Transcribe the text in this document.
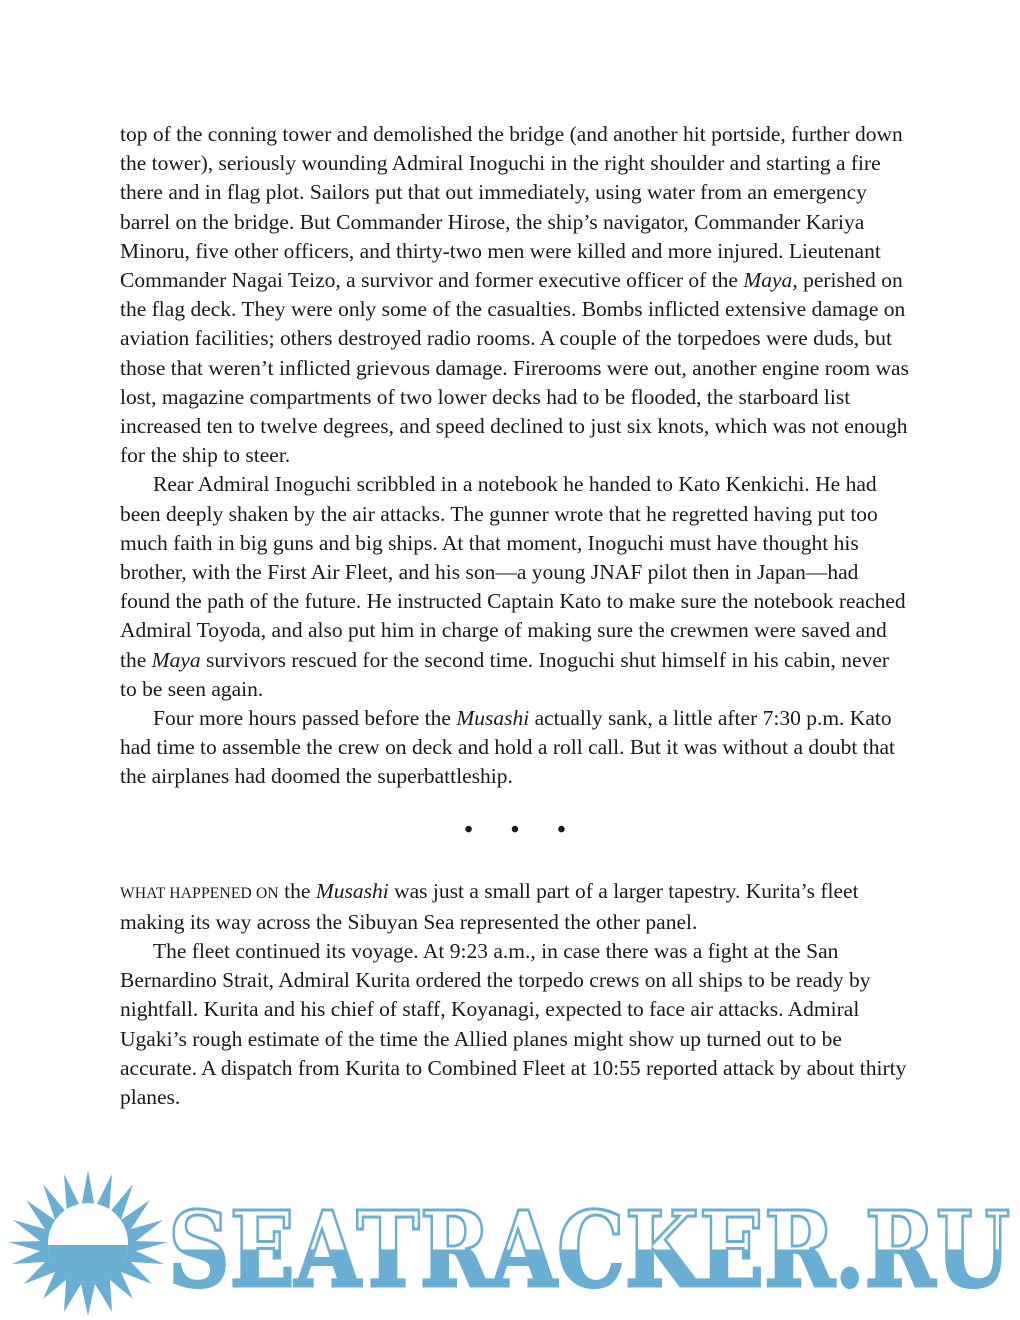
top of the conning tower and demolished the bridge (and another hit portside, further down the tower), seriously wounding Admiral Inoguchi in the right shoulder and starting a fire there and in flag plot. Sailors put that out immediately, using water from an emergency barrel on the bridge. But Commander Hirose, the ship’s navigator, Commander Kariya Minoru, five other officers, and thirty-two men were killed and more injured. Lieutenant Commander Nagai Teizo, a survivor and former executive officer of the Maya, perished on the flag deck. They were only some of the casualties. Bombs inflicted extensive damage on aviation facilities; others destroyed radio rooms. A couple of the torpedoes were duds, but those that weren’t inflicted grievous damage. Firerooms were out, another engine room was lost, magazine compartments of two lower decks had to be flooded, the starboard list increased ten to twelve degrees, and speed declined to just six knots, which was not enough for the ship to steer.

Rear Admiral Inoguchi scribbled in a notebook he handed to Kato Kenkichi. He had been deeply shaken by the air attacks. The gunner wrote that he regretted having put too much faith in big guns and big ships. At that moment, Inoguchi must have thought his brother, with the First Air Fleet, and his son—a young JNAF pilot then in Japan—had found the path of the future. He instructed Captain Kato to make sure the notebook reached Admiral Toyoda, and also put him in charge of making sure the crewmen were saved and the Maya survivors rescued for the second time. Inoguchi shut himself in his cabin, never to be seen again.

Four more hours passed before the Musashi actually sank, a little after 7:30 p.m. Kato had time to assemble the crew on deck and hold a roll call. But it was without a doubt that the airplanes had doomed the superbattleship.

• • •

WHAT HAPPENED ON the Musashi was just a small part of a larger tapestry. Kurita’s fleet making its way across the Sibuyan Sea represented the other panel.

The fleet continued its voyage. At 9:23 a.m., in case there was a fight at the San Bernardino Strait, Admiral Kurita ordered the torpedo crews on all ships to be ready by nightfall. Kurita and his chief of staff, Koyanagi, expected to face air attacks. Admiral Ugaki’s rough estimate of the time the Allied planes might show up turned out to be accurate. A dispatch from Kurita to Combined Fleet at 10:55 reported attack by about thirty planes.

SEATRACKER.RU
